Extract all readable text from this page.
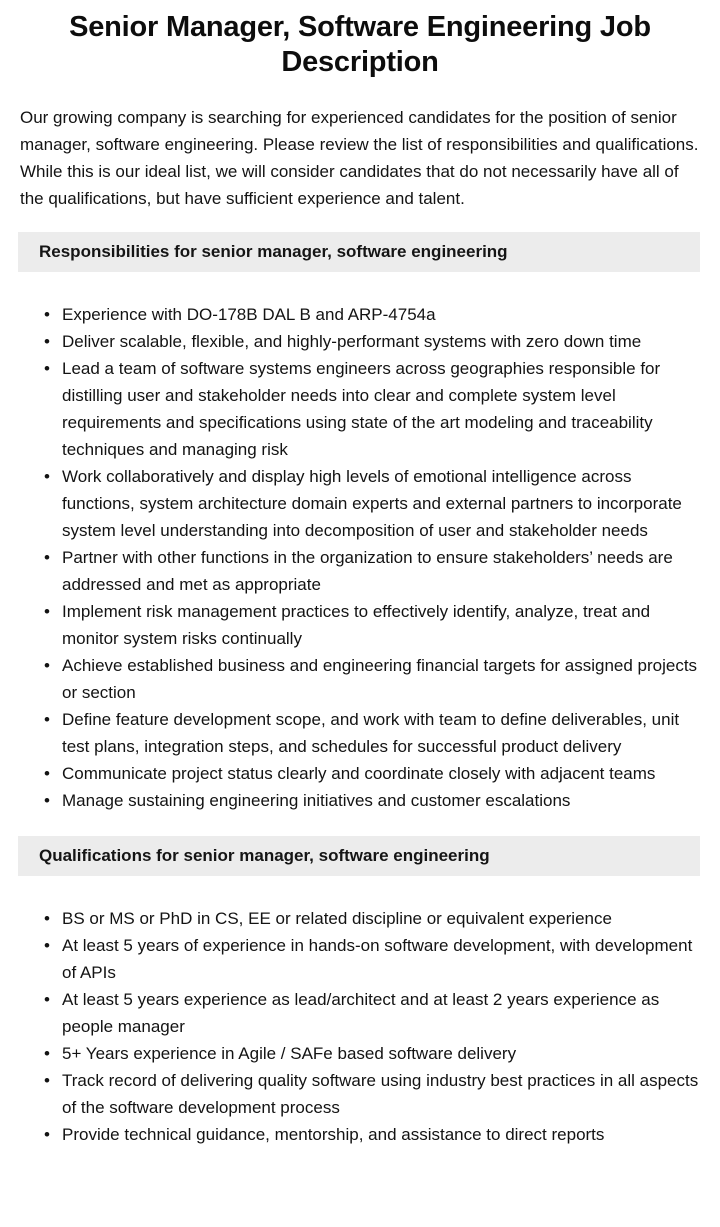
Senior Manager, Software Engineering Job Description

Our growing company is searching for experienced candidates for the position of senior manager, software engineering. Please review the list of responsibilities and qualifications. While this is our ideal list, we will consider candidates that do not necessarily have all of the qualifications, but have sufficient experience and talent.

Responsibilities for senior manager, software engineering
• Experience with DO-178B DAL B and ARP-4754a
• Deliver scalable, flexible, and highly-performant systems with zero down time
• Lead a team of software systems engineers across geographies responsible for distilling user and stakeholder needs into clear and complete system level requirements and specifications using state of the art modeling and traceability techniques and managing risk
• Work collaboratively and display high levels of emotional intelligence across functions, system architecture domain experts and external partners to incorporate system level understanding into decomposition of user and stakeholder needs
• Partner with other functions in the organization to ensure stakeholders’ needs are addressed and met as appropriate
• Implement risk management practices to effectively identify, analyze, treat and monitor system risks continually
• Achieve established business and engineering financial targets for assigned projects or section
• Define feature development scope, and work with team to define deliverables, unit test plans, integration steps, and schedules for successful product delivery
• Communicate project status clearly and coordinate closely with adjacent teams
• Manage sustaining engineering initiatives and customer escalations
Qualifications for senior manager, software engineering
• BS or MS or PhD in CS, EE or related discipline or equivalent experience
• At least 5 years of experience in hands-on software development, with development of APIs
• At least 5 years experience as lead/architect and at least 2 years experience as people manager
• 5+ Years experience in Agile / SAFe based software delivery
• Track record of delivering quality software using industry best practices in all aspects of the software development process
• Provide technical guidance, mentorship, and assistance to direct reports
